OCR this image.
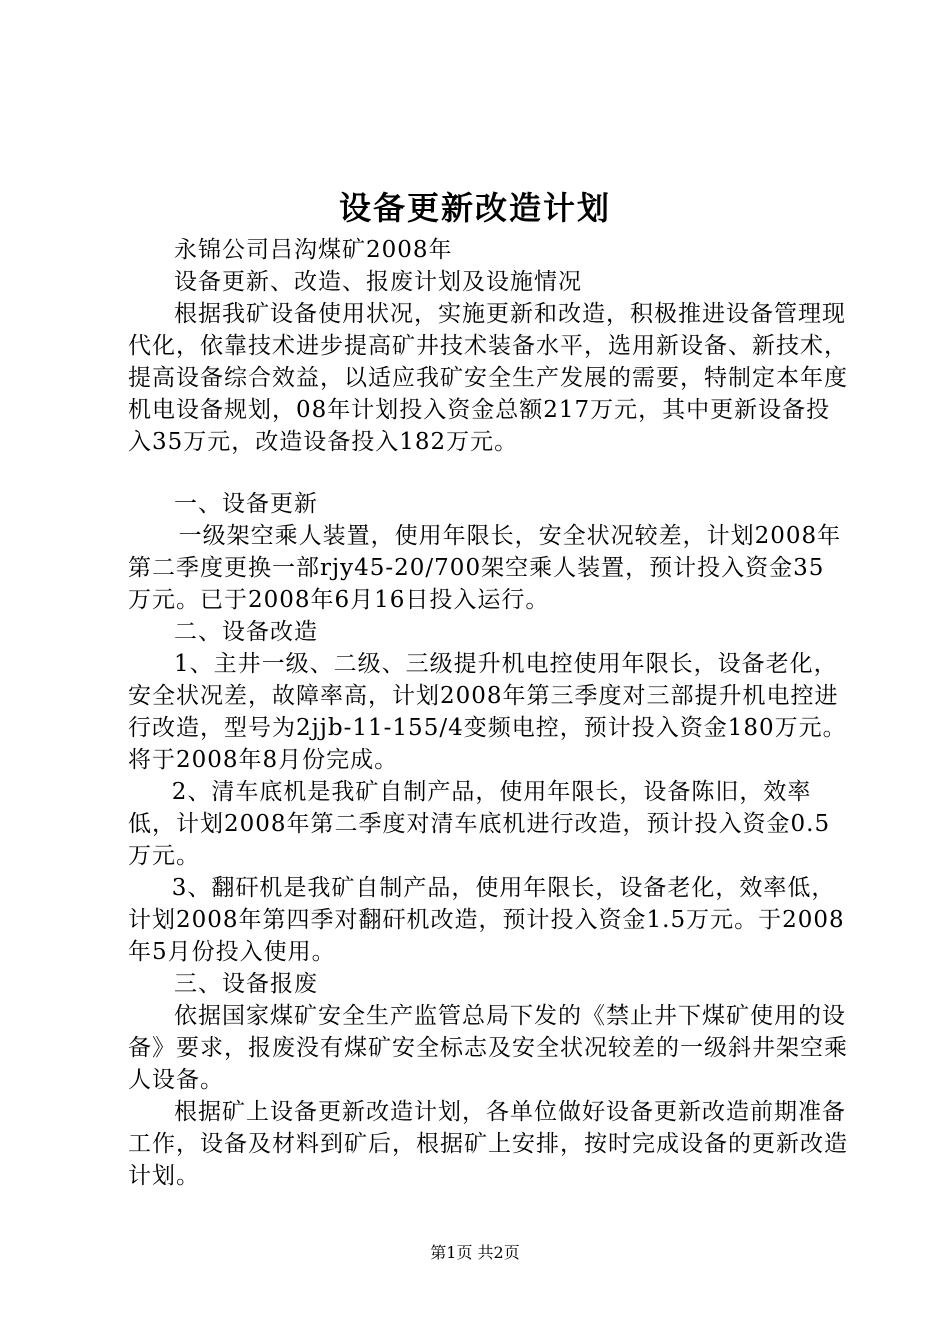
设备更新改造计划

永锦公司吕沟煤矿2008年

设备更新、改造、报废计划及设施情况

根据我矿设备使用状况，实施更新和改造，积极推进设备管理现代化，依靠技术进步提高矿井技术装备水平，选用新设备、新技术，提高设备综合效益，以适应我矿安全生产发展的需要，特制定本年度机电设备规划，08年计划投入资金总额217万元，其中更新设备投入35万元，改造设备投入182万元。

一、设备更新

一级架空乘人装置，使用年限长，安全状况较差，计划2008年第二季度更换一部rjy45-20/700架空乘人装置，预计投入资金35万元。已于2008年6月16日投入运行。

二、设备改造

1、主井一级、二级、三级提升机电控使用年限长，设备老化，安全状况差，故障率高，计划2008年第三季度对三部提升机电控进行改造，型号为2jjb-11-155/4变频电控，预计投入资金180万元。将于2008年8月份完成。

2、清车底机是我矿自制产品，使用年限长，设备陈旧，效率低，计划2008年第二季度对清车底机进行改造，预计投入资金0.5万元。

3、翻矸机是我矿自制产品，使用年限长，设备老化，效率低，计划2008年第四季对翻矸机改造，预计投入资金1.5万元。于2008年5月份投入使用。

三、设备报废

依据国家煤矿安全生产监管总局下发的《禁止井下煤矿使用的设备》要求，报废没有煤矿安全标志及安全状况较差的一级斜井架空乘人设备。

根据矿上设备更新改造计划，各单位做好设备更新改造前期准备工作，设备及材料到矿后，根据矿上安排，按时完成设备的更新改造计划。

第1页 共2页
